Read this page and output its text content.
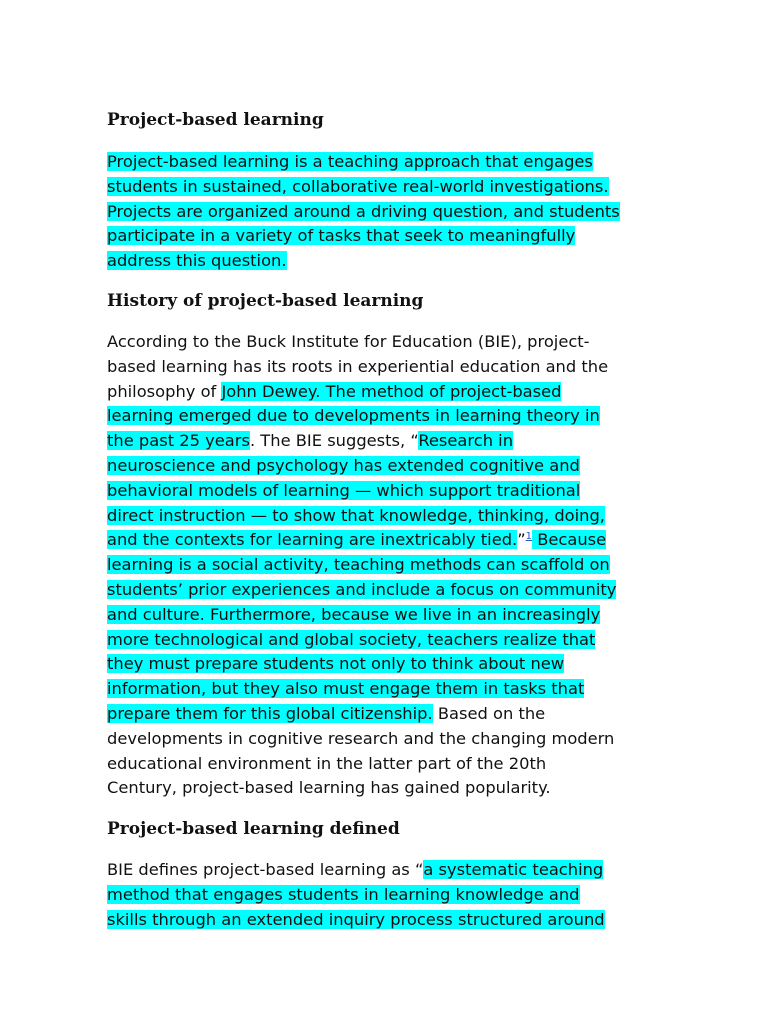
Project-based learning

Project-based learning is a teaching approach that engages
students in sustained, collaborative real-world investigations.
Projects are organized around a driving question, and students
participate in a variety of tasks that seek to meaningfully
address this question.

History of project-based learning

According to the Buck Institute for Education (BIE), project-
based learning has its roots in experiential education and the
philosophy of John Dewey. The method of project-based
learning emerged due to developments in learning theory in
the past 25 years. The BIE suggests, “Research in
neuroscience and psychology has extended cognitive and
behavioral models of learning — which support traditional
direct instruction — to show that knowledge, thinking, doing,
and the contexts for learning are inextricably tied.”$^1$ Because
learning is a social activity, teaching methods can scaffold on
students’ prior experiences and include a focus on community
and culture. Furthermore, because we live in an increasingly
more technological and global society, teachers realize that
they must prepare students not only to think about new
information, but they also must engage them in tasks that
prepare them for this global citizenship. Based on the
developments in cognitive research and the changing modern
educational environment in the latter part of the 20th
Century, project-based learning has gained popularity.

Project-based learning defined

BIE defines project-based learning as “a systematic teaching
method that engages students in learning knowledge and
skills through an extended inquiry process structured around
